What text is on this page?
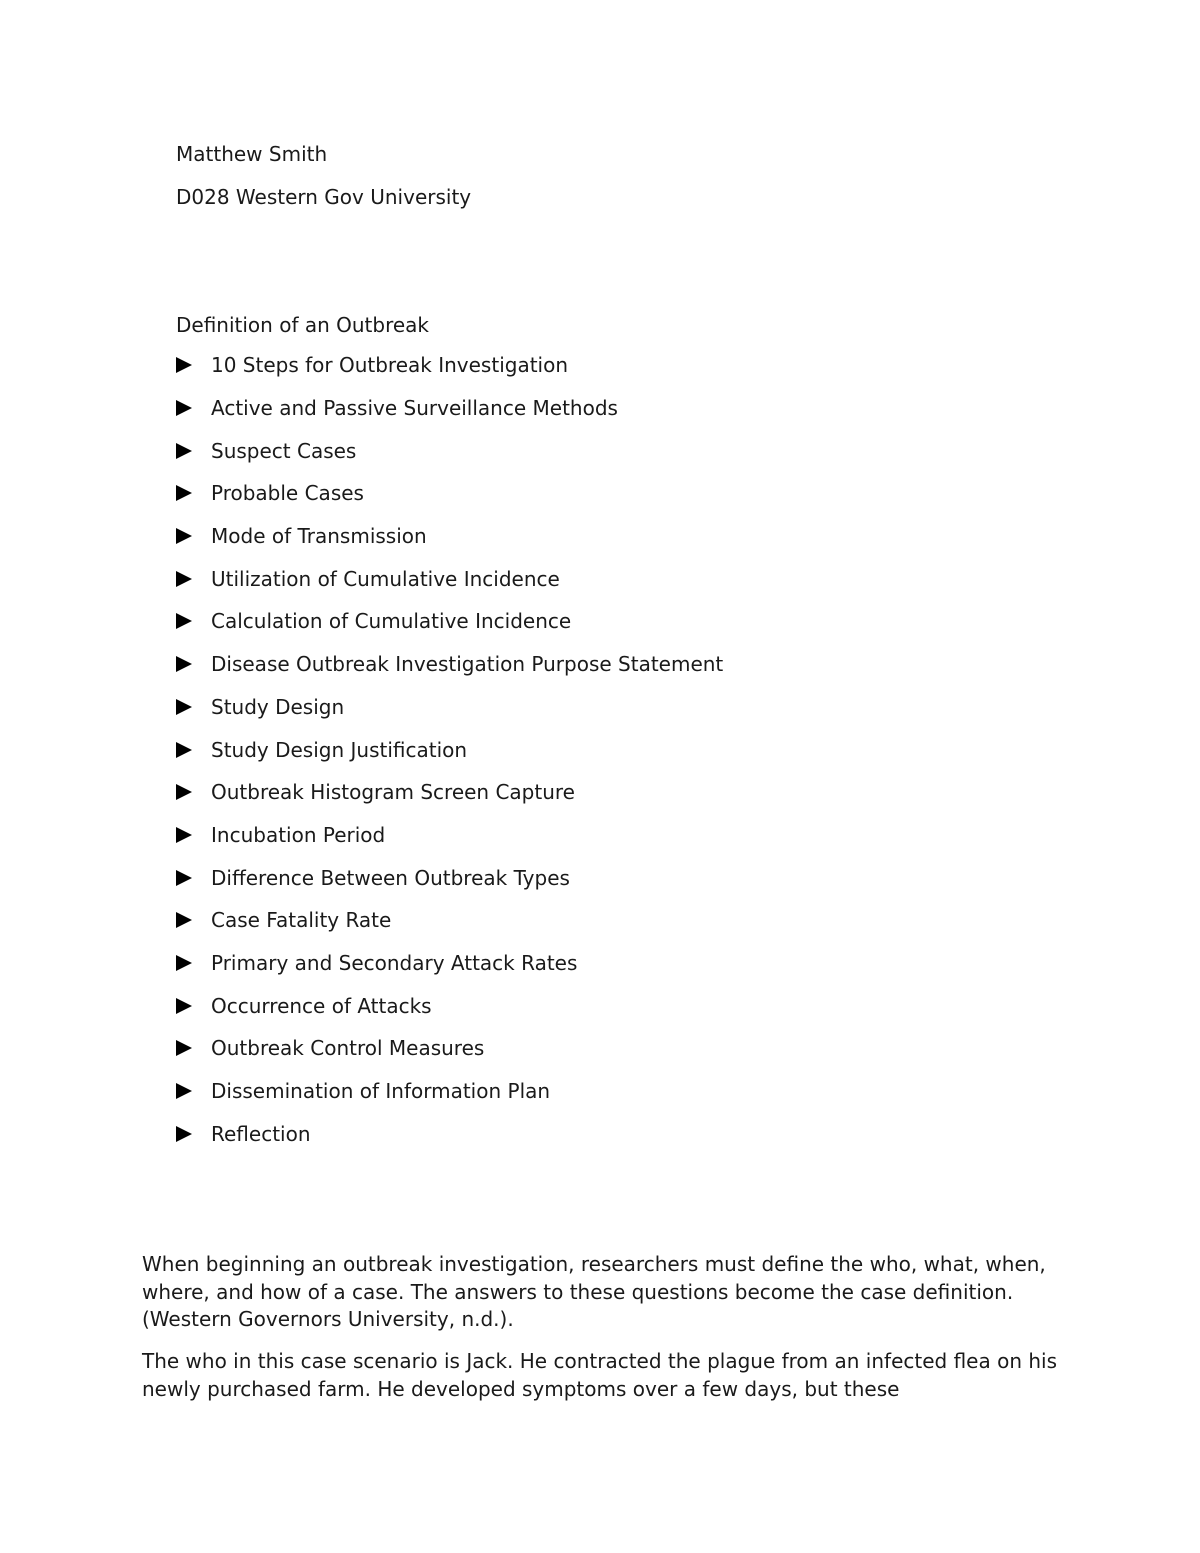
Matthew Smith
D028 Western Gov University
Definition of an Outbreak
10 Steps for Outbreak Investigation
Active and Passive Surveillance Methods
Suspect Cases
Probable Cases
Mode of Transmission
Utilization of Cumulative Incidence
Calculation of Cumulative Incidence
Disease Outbreak Investigation Purpose Statement
Study Design
Study Design Justification
Outbreak Histogram Screen Capture
Incubation Period
Difference Between Outbreak Types
Case Fatality Rate
Primary and Secondary Attack Rates
Occurrence of Attacks
Outbreak Control Measures
Dissemination of Information Plan
Reflection

When beginning an outbreak investigation, researchers must define the who, what, when, where, and how of a case. The answers to these questions become the case definition. (Western Governors University, n.d.).

The who in this case scenario is Jack. He contracted the plague from an infected flea on his newly purchased farm. He developed symptoms over a few days, but these
